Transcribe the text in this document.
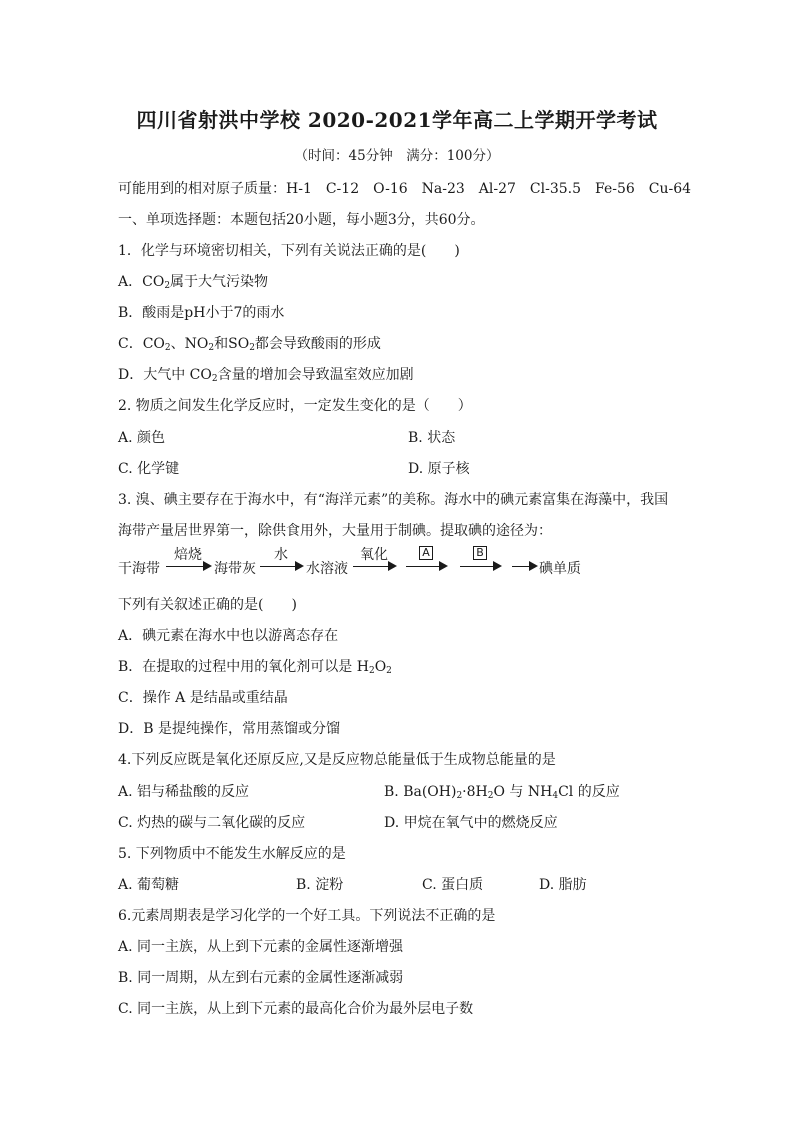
四川省射洪中学校 2020-2021学年高二上学期开学考试
（时间：45分钟　满分：100分）
可能用到的相对原子质量：H-1　C-12　O-16　Na-23　Al-27　Cl-35.5　Fe-56　Cu-64
一、单项选择题：本题包括20小题，每小题3分，共60分。
1．化学与环境密切相关，下列有关说法正确的是(　　)
A．$CO_2$属于大气污染物
B．酸雨是pH小于7的雨水
C．$CO_2$、$NO_2$和$SO_2$都会导致酸雨的形成
D．大气中 $CO_2$含量的增加会导致温室效应加剧
2. 物质之间发生化学反应时，一定发生变化的是（　　）
A. 颜色	B. 状态
C. 化学键	D. 原子核
3. 溴、碘主要存在于海水中，有“海洋元素”的美称。海水中的碘元素富集在海藻中，我国
海带产量居世界第一，除供食用外，大量用于制碘。提取碘的途径为：
干海带
焙烧
海带灰
水
水溶液
氧化	A	B
碘单质
下列有关叙述正确的是(　　)
A．碘元素在海水中也以游离态存在
B．在提取的过程中用的氧化剂可以是 $H_2O_2$
C．操作 A 是结晶或重结晶
D．B 是提纯操作，常用蒸馏或分馏
4.下列反应既是氧化还原反应,又是反应物总能量低于生成物总能量的是
A. 铝与稀盐酸的反应	B. $Ba(OH)_2\cdot 8H_2O$ 与 $NH_4Cl$ 的反应
C. 灼热的碳与二氧化碳的反应	D. 甲烷在氧气中的燃烧反应
5. 下列物质中不能发生水解反应的是
A. 葡萄糖	B. 淀粉	C. 蛋白质	D. 脂肪
6.元素周期表是学习化学的一个好工具。下列说法不正确的是
A. 同一主族，从上到下元素的金属性逐渐增强
B. 同一周期，从左到右元素的金属性逐渐减弱
C. 同一主族，从上到下元素的最高化合价为最外层电子数
